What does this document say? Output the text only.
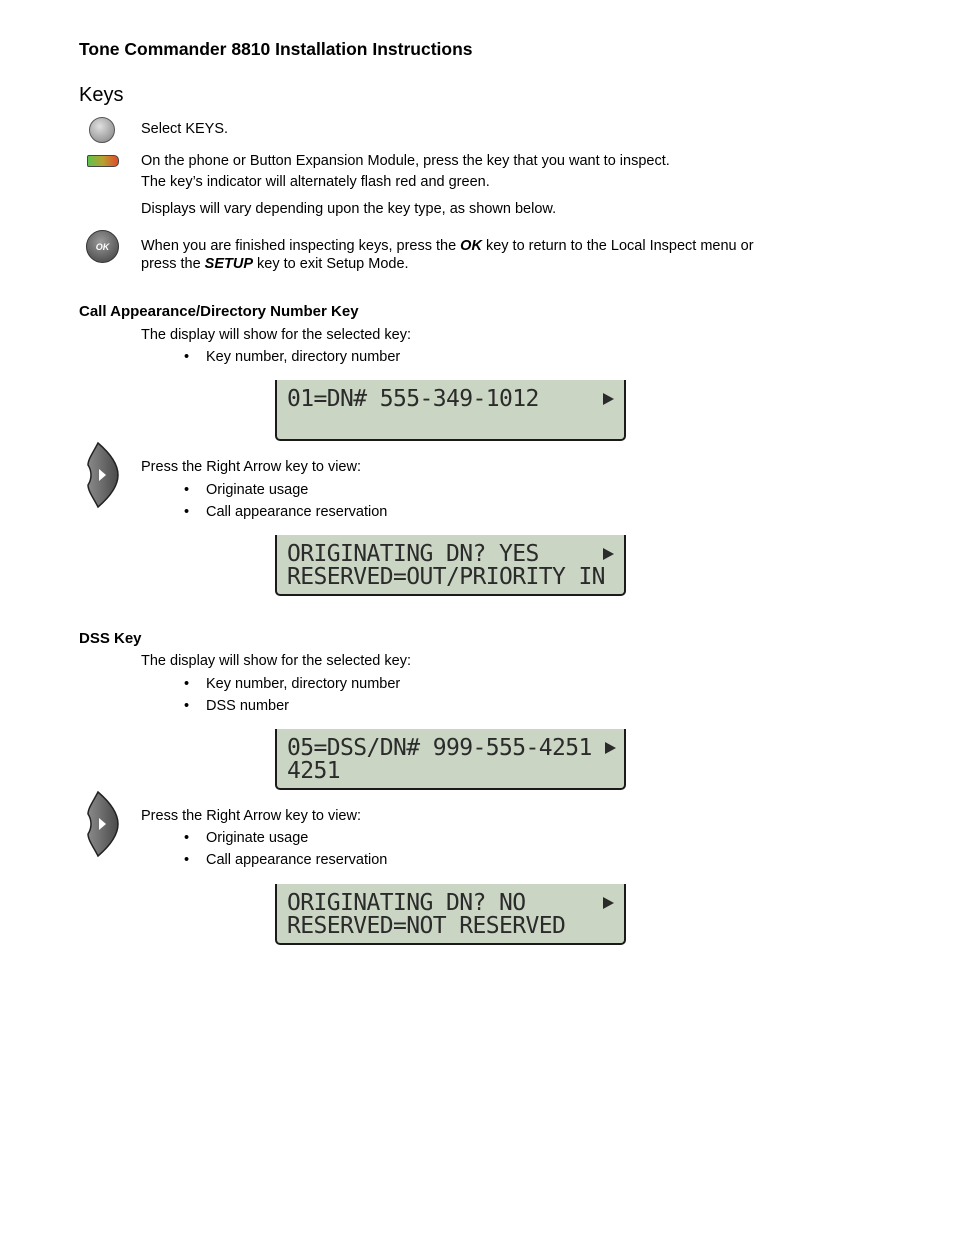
Tone Commander 8810 Installation Instructions
Keys
Select KEYS.
On the phone or Button Expansion Module, press the key that you want to inspect.
The key’s indicator will alternately flash red and green.
Displays will vary depending upon the key type, as shown below.
OK When you are finished inspecting keys, press the OK key to return to the Local Inspect menu or
press the SETUP key to exit Setup Mode.
Call Appearance/Directory Number Key
The display will show for the selected key:
• Key number, directory number
01=DN# 555-349-1012
Press the Right Arrow key to view:
• Originate usage
• Call appearance reservation
ORIGINATING DN? YES
RESERVED=OUT/PRIORITY IN
DSS Key
The display will show for the selected key:
• Key number, directory number
• DSS number
05=DSS/DN# 999-555-4251
4251
Press the Right Arrow key to view:
• Originate usage
• Call appearance reservation
ORIGINATING DN? NO
RESERVED=NOT RESERVED
